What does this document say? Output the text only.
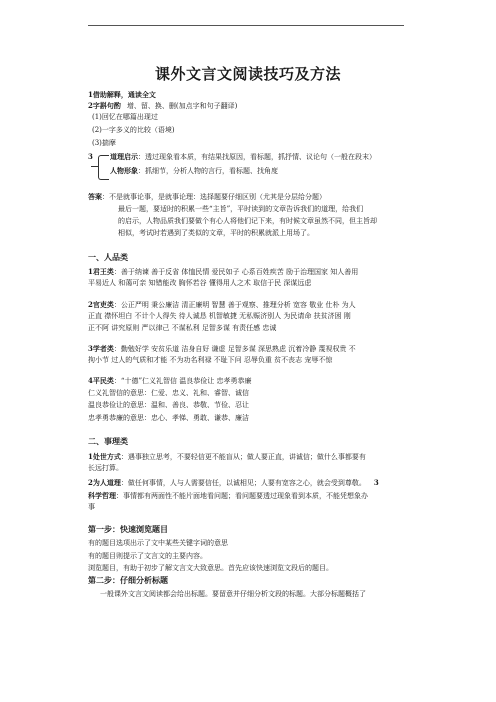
课外文言文阅读技巧及方法
1借助解释，通读全文
2字斟句酌 增、留、换、删(加点字和句子翻译)
(1)回忆在哪篇出现过
(2)一字多义的比较（语境)
(3)揣摩
3 道理启示：透过现象看本质，有结果找原因，看标题，抓抒情、议论句（一般在段末）
人物形象：抓细节，分析人物的言行，看标题、找角度
答案：不是就事论事，是就事论理：选择题要仔细区别（尤其是分层给分题）
最后一题，要适时的积累一些“主旨”，平时读到的文章告诉我们的道理，给我们
的启示，人物品质我们要做个有心人将他们记下来，有时候文章虽然不同，但主旨却
相似，考试时若遇到了类似的文章，平时的积累就派上用场了。
一、人品类
1君王类：善于纳谏 善于反省 体恤民情 爱民如子 心系百姓疾苦 励于治理国家 知人善用
平易近人 和蔼可亲 知错能改 胸怀若谷 懂得用人之术 取信于民 深谋远虑
2官吏类：公正严明 秉公廉洁 清正廉明 智慧 善于观察、推理分析 宽容 敬业 仕朴 为人
正直 襟怀坦白 不计个人得失 待人诚恳 机智敏捷 无私赈济别人 为民请命 扶贫济困 刚
正不阿 讲究原则 严以律己 不谋私利 足智多谋 有责任感 忠诚
3学者类：勤勉好学 安贫乐道 洁身自好 谦虚 足智多谋 深思熟虑 沉着冷静 蔑视权贵 不
拘小节 过人的气质和才能 不为功名利禄 不耻下问 忍辱负重 贫不丧志 宠辱不惊
4平民类：“十德”仁义礼智信 温良恭俭让 忠孝勇恭廉
仁义礼智信的意思：仁爱、忠义、礼和、睿智、诚信
温良恭俭让的意思：温和、善良、恭敬、节俭、忍让
忠孝勇恭廉的意思：忠心、孝悌、勇敢、谦恭、廉洁
二、事理类
1处世方式：遇事独立思考，不要轻信更不能盲从；做人要正直，讲诚信；做什么事都要有
长远打算。
2为人道理：做任何事情，人与人需要信任，以诚相见；人要有宽容之心，就会受到尊敬。 3
科学哲理：事情都有两面性不能片面地看问题；看问题要透过现象看到本质，不能凭想象办
事
第一步：快速浏览题目
有的题目选项出示了文中某些关键字词的意思
有的题目则提示了文言文的主要内容。
浏览题目，有助于初步了解文言文大致意思。首先应该快速浏览文段后的题目。
第二步：仔细分析标题
一般课外文言文阅读都会给出标题。要留意并仔细分析文段的标题。大部分标题概括了
